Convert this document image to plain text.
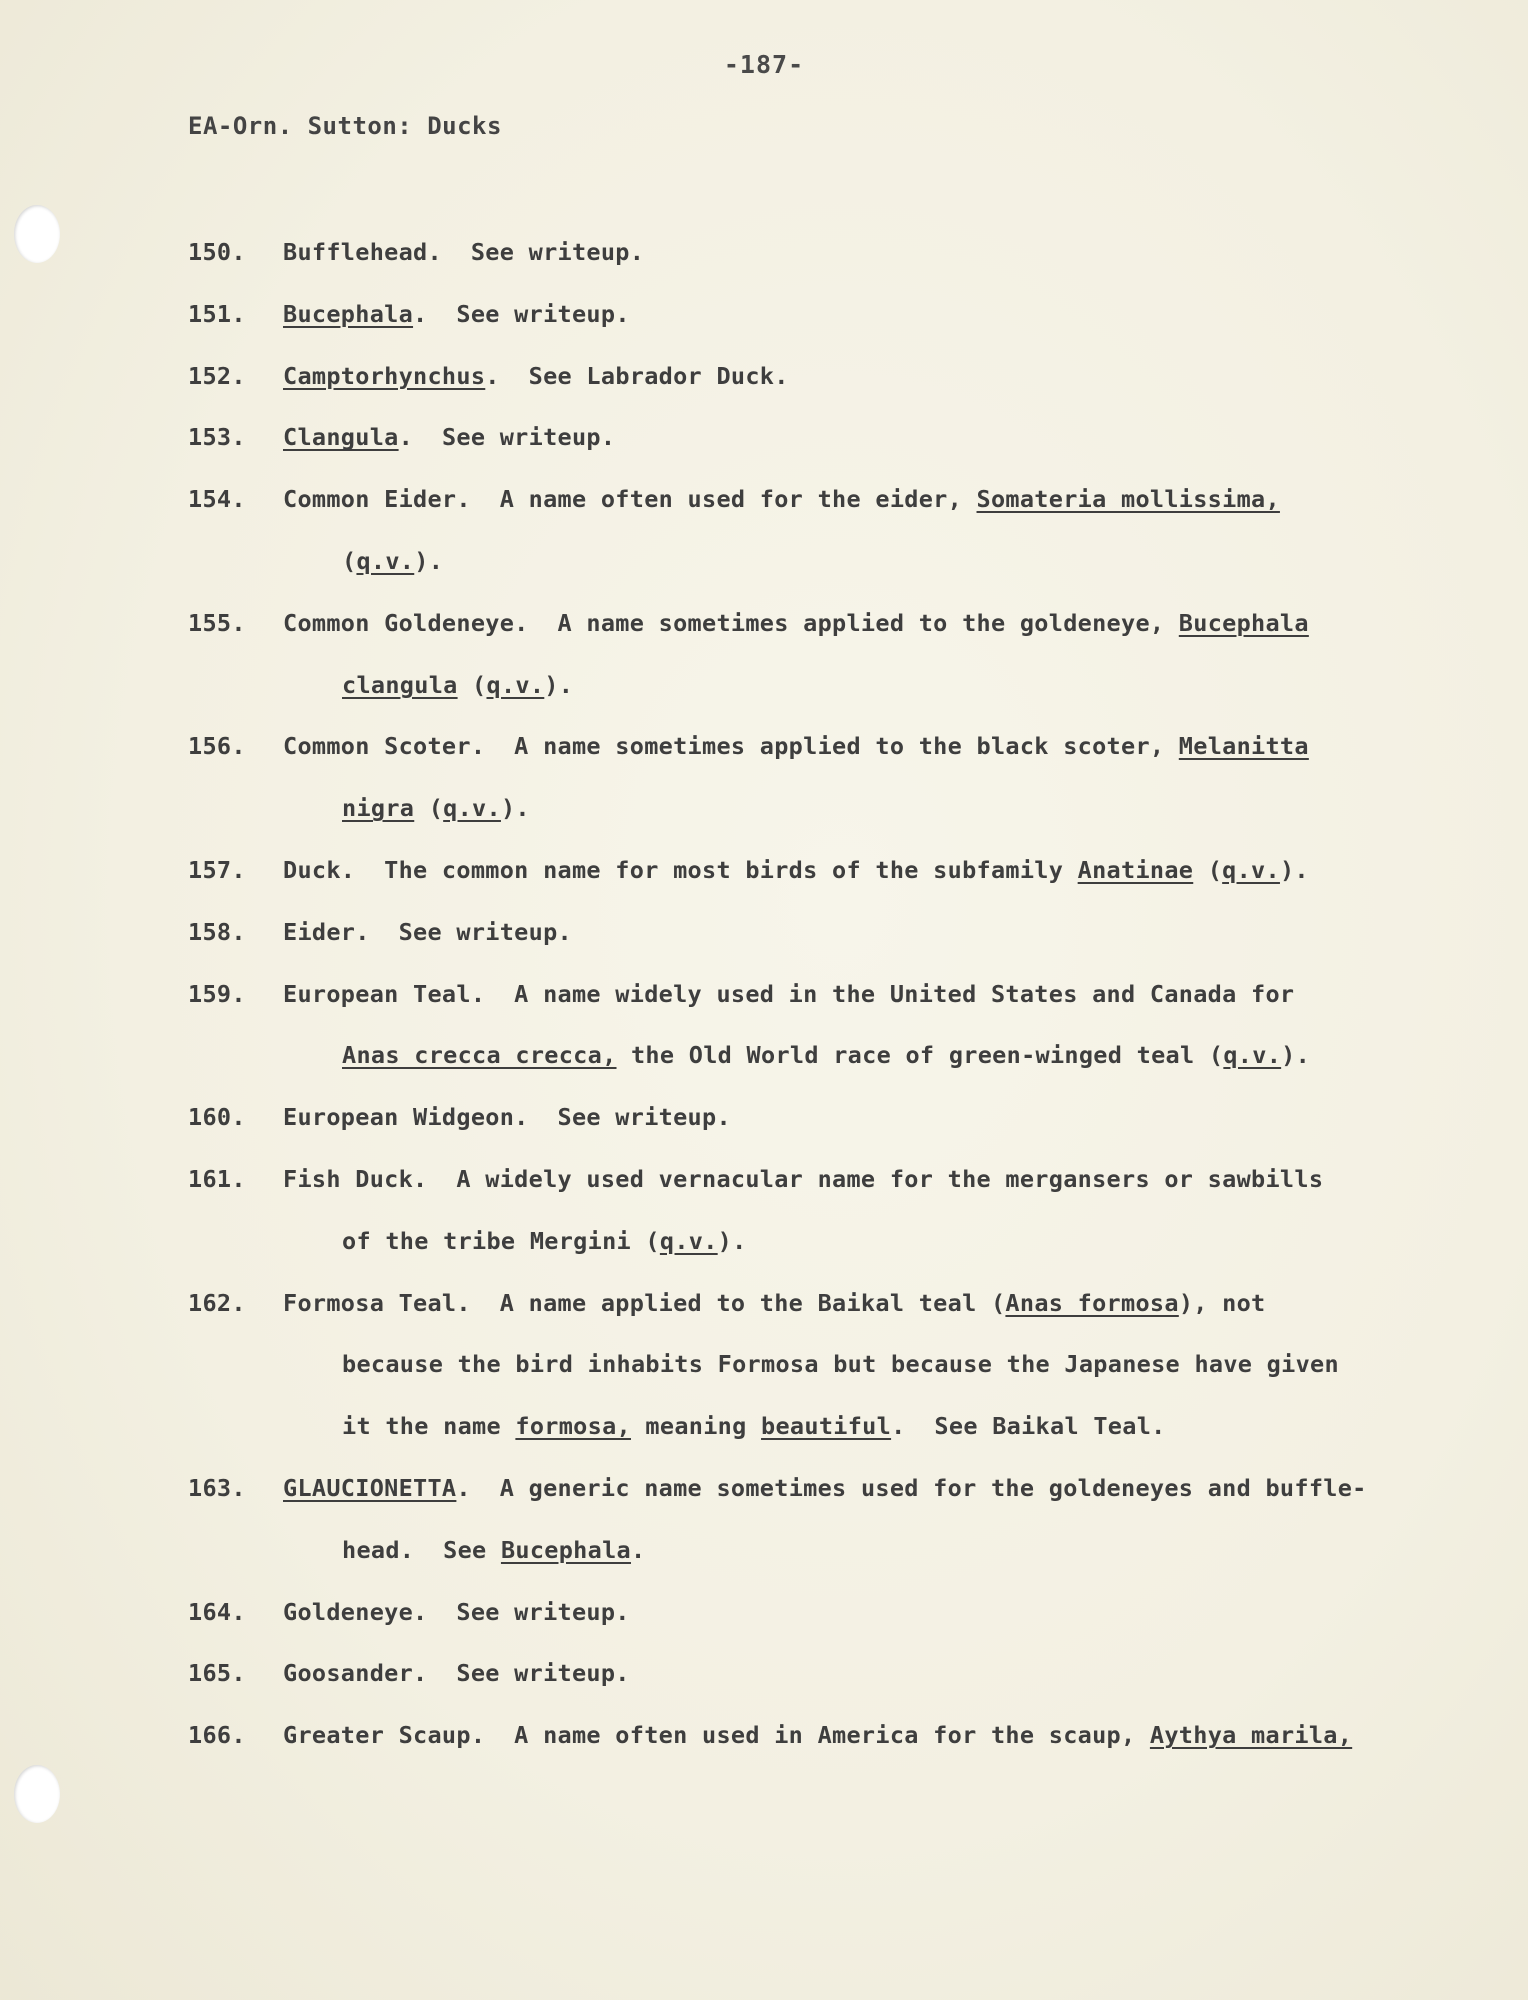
-187-
EA-Orn. Sutton: Ducks
150.	Bufflehead.  See writeup.
151.	Bucephala.  See writeup.
152.	Camptorhynchus.  See Labrador Duck.
153.	Clangula.  See writeup.
154.	Common Eider.  A name often used for the eider, Somateria mollissima,
(q.v.).
155.	Common Goldeneye.  A name sometimes applied to the goldeneye, Bucephala
clangula (q.v.).
156.	Common Scoter.  A name sometimes applied to the black scoter, Melanitta
nigra (q.v.).
157.	Duck.  The common name for most birds of the subfamily Anatinae (q.v.).
158.	Eider.  See writeup.
159.	European Teal.  A name widely used in the United States and Canada for
Anas crecca crecca, the Old World race of green-winged teal (q.v.).
160.	European Widgeon.  See writeup.
161.	Fish Duck.  A widely used vernacular name for the mergansers or sawbills
of the tribe Mergini (q.v.).
162.	Formosa Teal.  A name applied to the Baikal teal (Anas formosa), not
because the bird inhabits Formosa but because the Japanese have given
it the name formosa, meaning beautiful.  See Baikal Teal.
163.	GLAUCIONETTA.  A generic name sometimes used for the goldeneyes and buffle-
head.  See Bucephala.
164.	Goldeneye.  See writeup.
165.	Goosander.  See writeup.
166.	Greater Scaup.  A name often used in America for the scaup, Aythya marila,
